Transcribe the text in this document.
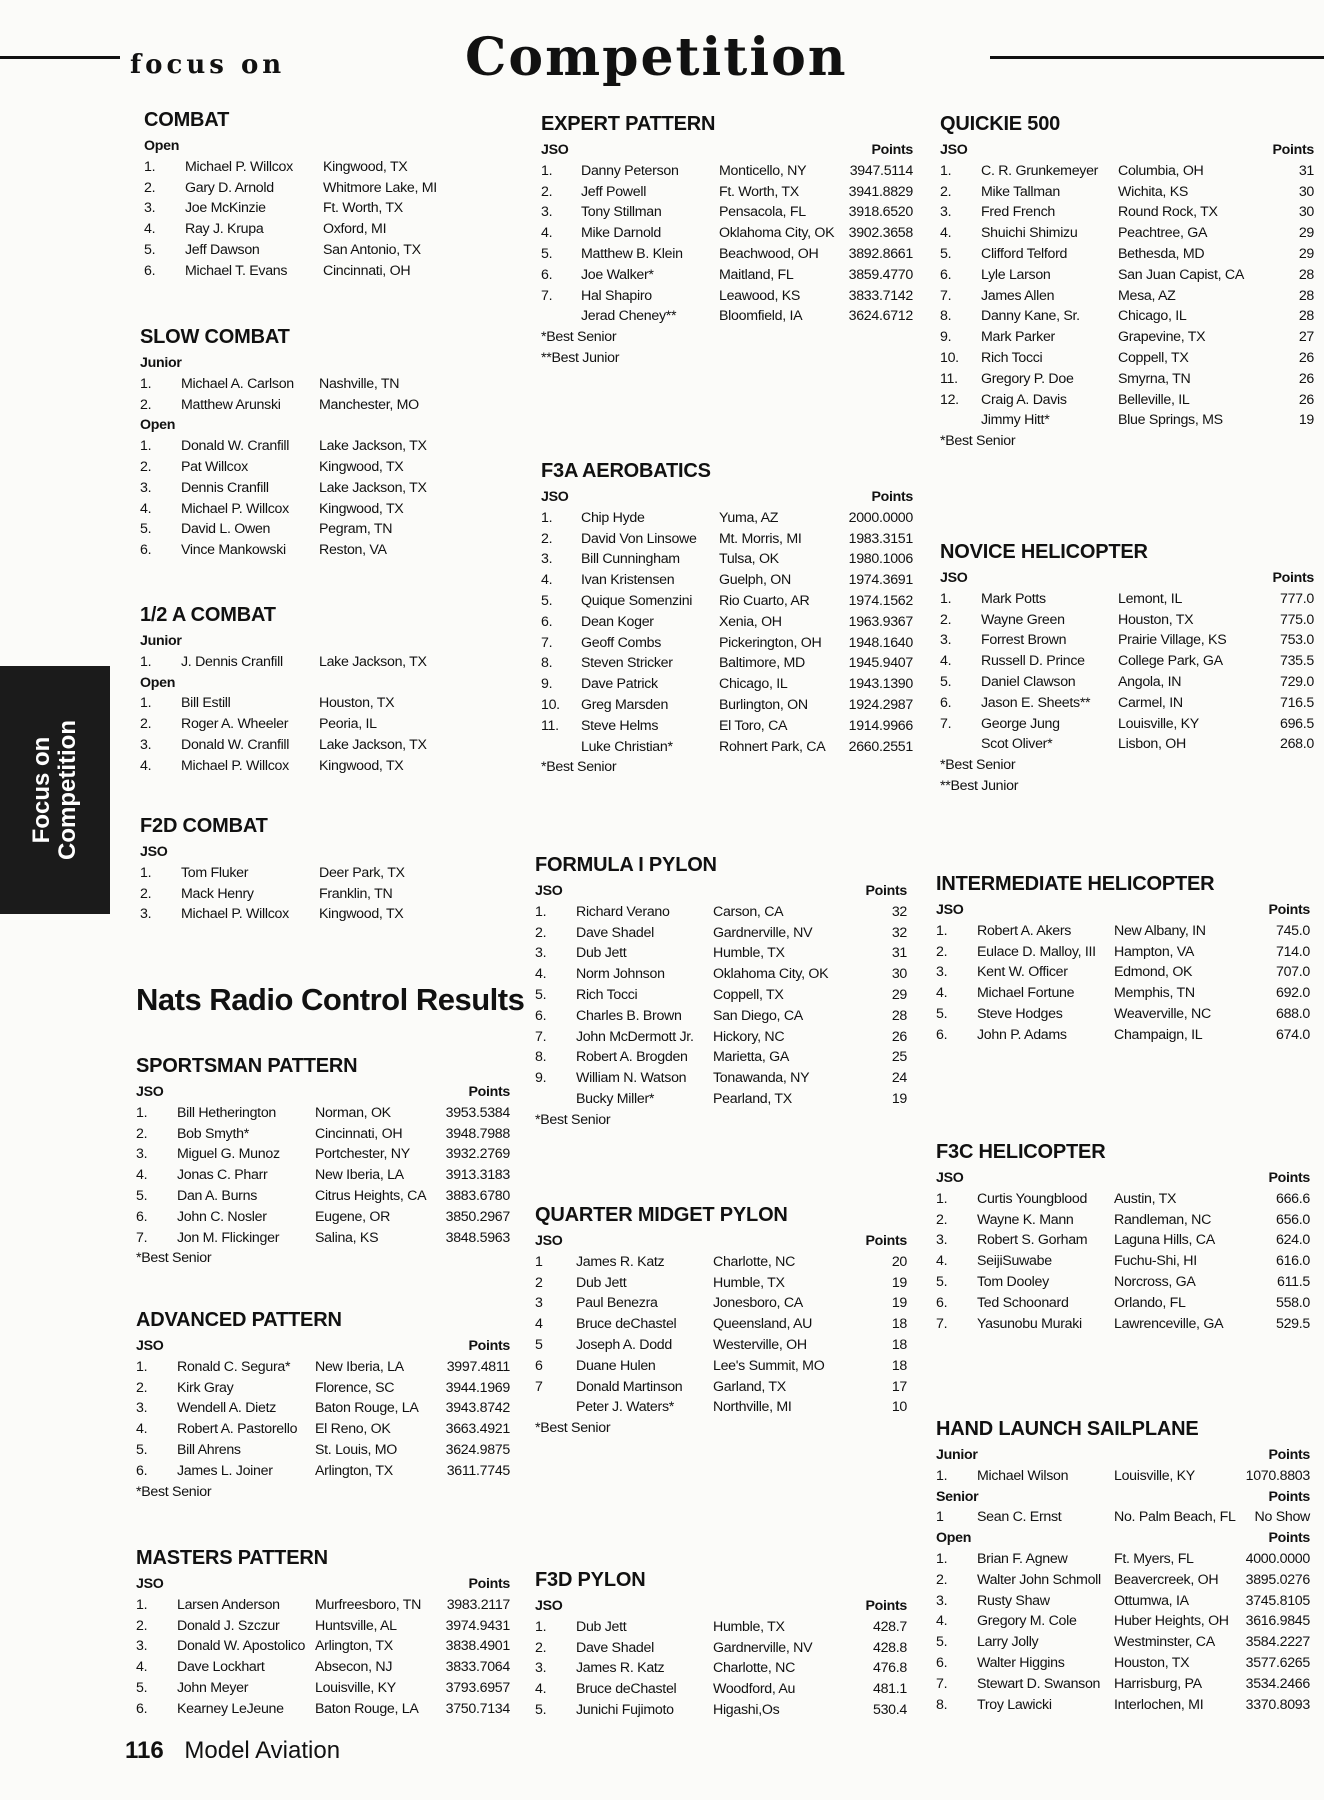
focus on	Competition
Focus on Competition
Nats Radio Control Results
116 Model Aviation
COMBAT
Open
1. Michael P. Willcox Kingwood, TX
2. Gary D. Arnold	Whitmore Lake, MI
3. Joe McKinzie	Ft. Worth, TX
4. Ray J. Krupa	Oxford, MI
5. Jeff Dawson	San Antonio, TX
6. Michael T. Evans	Cincinnati, OH
SLOW COMBAT
Junior
1. Michael A. Carlson Nashville, TN
2. Matthew Arunski	Manchester, MO
Open
1. Donald W. Cranfill Lake Jackson, TX
2. Pat Willcox	Kingwood, TX
3. Dennis Cranfill	Lake Jackson, TX
4. Michael P. Willcox Kingwood, TX
5. David L. Owen	Pegram, TN
6. Vince Mankowski Reston, VA
1/2 A COMBAT
Junior
1. J. Dennis Cranfill	Lake Jackson, TX
Open
1. Bill Estill	Houston, TX
2. Roger A. Wheeler Peoria, IL
3. Donald W. Cranfill Lake Jackson, TX
4. Michael P. Willcox Kingwood, TX
F2D COMBAT
JSO
1. Tom Fluker	Deer Park, TX
2. Mack Henry	Franklin, TN
3. Michael P. Willcox Kingwood, TX
SPORTSMAN PATTERN
JSO	Points
1. Bill Hetherington	Norman, OK	3953.5384
2. Bob Smyth*	Cincinnati, OH	3948.7988
3. Miguel G. Munoz Portchester, NY	3932.2769
4. Jonas C. Pharr	New Iberia, LA	3913.3183
5. Dan A. Burns	Citrus Heights, CA 3883.6780
6. John C. Nosler	Eugene, OR	3850.2967
7. Jon M. Flickinger	Salina, KS	3848.5963
*Best Senior
ADVANCED PATTERN
JSO	Points
1. Ronald C. Segura* New Iberia, LA	3997.4811
2. Kirk Gray	Florence, SC	3944.1969
3. Wendell A. Dietz	Baton Rouge, LA 3943.8742
4. Robert A. Pastorello El Reno, OK	3663.4921
5. Bill Ahrens	St. Louis, MO	3624.9875
6. James L. Joiner	Arlington, TX	3611.7745
*Best Senior
MASTERS PATTERN
JSO	Points
1. Larsen Anderson Murfreesboro, TN 3983.2117
2. Donald J. Szczur	Huntsville, AL	3974.9431
3. Donald W. Apostolico Arlington, TX	3838.4901
4. Dave Lockhart	Absecon, NJ	3833.7064
5. John Meyer	Louisville, KY	3793.6957
6. Kearney LeJeune Baton Rouge, LA 3750.7134
EXPERT PATTERN
JSO	Points
1. Danny Peterson	Monticello, NY	3947.5114
2. Jeff Powell	Ft. Worth, TX	3941.8829
3. Tony Stillman	Pensacola, FL	3918.6520
4. Mike Darnold	Oklahoma City, OK 3902.3658
5. Matthew B. Klein	Beachwood, OH 3892.8661
6. Joe Walker*	Maitland, FL	3859.4770
7. Hal Shapiro	Leawood, KS	3833.7142
Jerad Cheney**	Bloomfield, IA	3624.6712
*Best Senior
**Best Junior
F3A AEROBATICS
JSO	Points
1. Chip Hyde	Yuma, AZ	2000.0000
2. David Von Linsowe Mt. Morris, MI	1983.3151
3. Bill Cunningham	Tulsa, OK	1980.1006
4. Ivan Kristensen	Guelph, ON	1974.3691
5. Quique Somenzini Rio Cuarto, AR	1974.1562
6. Dean Koger	Xenia, OH	1963.9367
7. Geoff Combs	Pickerington, OH 1948.1640
8. Steven Stricker	Baltimore, MD	1945.9407
9. Dave Patrick	Chicago, IL	1943.1390
10. Greg Marsden	Burlington, ON	1924.2987
11. Steve Helms	El Toro, CA	1914.9966
Luke Christian*	Rohnert Park, CA 2660.2551
*Best Senior
FORMULA I PYLON
JSO	Points
1. Richard Verano	Carson, CA	32
2. Dave Shadel	Gardnerville, NV	32
3. Dub Jett	Humble, TX	31
4. Norm Johnson	Oklahoma City, OK	30
5. Rich Tocci	Coppell, TX	29
6. Charles B. Brown San Diego, CA	28
7. John McDermott Jr. Hickory, NC	26
8. Robert A. Brogden Marietta, GA	25
9. William N. Watson Tonawanda, NY	24
Bucky Miller*	Pearland, TX	19
*Best Senior
QUARTER MIDGET PYLON
JSO	Points
1 James R. Katz	Charlotte, NC	20
2 Dub Jett	Humble, TX	19
3 Paul Benezra	Jonesboro, CA	19
4 Bruce deChastel	Queensland, AU	18
5 Joseph A. Dodd	Westerville, OH	18
6 Duane Hulen	Lee's Summit, MO	18
7 Donald Martinson Garland, TX	17
Peter J. Waters*	Northville, MI	10
*Best Senior
F3D PYLON
JSO	Points
1. Dub Jett	Humble, TX	428.7
2. Dave Shadel	Gardnerville, NV	428.8
3. James R. Katz	Charlotte, NC	476.8
4. Bruce deChastel	Woodford, Au	481.1
5. Junichi Fujimoto	Higashi,Os	530.4
QUICKIE 500
JSO	Points
1. C. R. Grunkemeyer Columbia, OH	31
2. Mike Tallman	Wichita, KS	30
3. Fred French	Round Rock, TX	30
4. Shuichi Shimizu	Peachtree, GA	29
5. Clifford Telford	Bethesda, MD	29
6. Lyle Larson	San Juan Capist, CA	28
7. James Allen	Mesa, AZ	28
8. Danny Kane, Sr.	Chicago, IL	28
9. Mark Parker	Grapevine, TX	27
10. Rich Tocci	Coppell, TX	26
11. Gregory P. Doe	Smyrna, TN	26
12. Craig A. Davis	Belleville, IL	26
Jimmy Hitt*	Blue Springs, MS	19
*Best Senior
NOVICE HELICOPTER
JSO	Points
1. Mark Potts	Lemont, IL	777.0
2. Wayne Green	Houston, TX	775.0
3. Forrest Brown	Prairie Village, KS	753.0
4. Russell D. Prince College Park, GA	735.5
5. Daniel Clawson	Angola, IN	729.0
6. Jason E. Sheets** Carmel, IN	716.5
7. George Jung	Louisville, KY	696.5
Scot Oliver*	Lisbon, OH	268.0
*Best Senior
**Best Junior
INTERMEDIATE HELICOPTER
JSO	Points
1. Robert A. Akers	New Albany, IN	745.0
2. Eulace D. Malloy, III Hampton, VA	714.0
3. Kent W. Officer	Edmond, OK	707.0
4. Michael Fortune	Memphis, TN	692.0
5. Steve Hodges	Weaverville, NC	688.0
6. John P. Adams	Champaign, IL	674.0
F3C HELICOPTER
JSO	Points
1. Curtis Youngblood Austin, TX	666.6
2. Wayne K. Mann	Randleman, NC	656.0
3. Robert S. Gorham Laguna Hills, CA	624.0
4. SeijiSuwabe	Fuchu-Shi, HI	616.0
5. Tom Dooley	Norcross, GA	611.5
6. Ted Schoonard	Orlando, FL	558.0
7. Yasunobu Muraki Lawrenceville, GA	529.5
HAND LAUNCH SAILPLANE
Junior	Points
1. Michael Wilson	Louisville, KY	1070.8803
Senior	Points
1 Sean C. Ernst	No. Palm Beach, FL No Show
Open	Points
1. Brian F. Agnew	Ft. Myers, FL	4000.0000
2. Walter John Schmoll Beavercreek, OH 3895.0276
3. Rusty Shaw	Ottumwa, IA	3745.8105
4. Gregory M. Cole	Huber Heights, OH 3616.9845
5. Larry Jolly	Westminster, CA 3584.2227
6. Walter Higgins	Houston, TX	3577.6265
7. Stewart D. Swanson Harrisburg, PA	3534.2466
8. Troy Lawicki	Interlochen, MI	3370.8093
